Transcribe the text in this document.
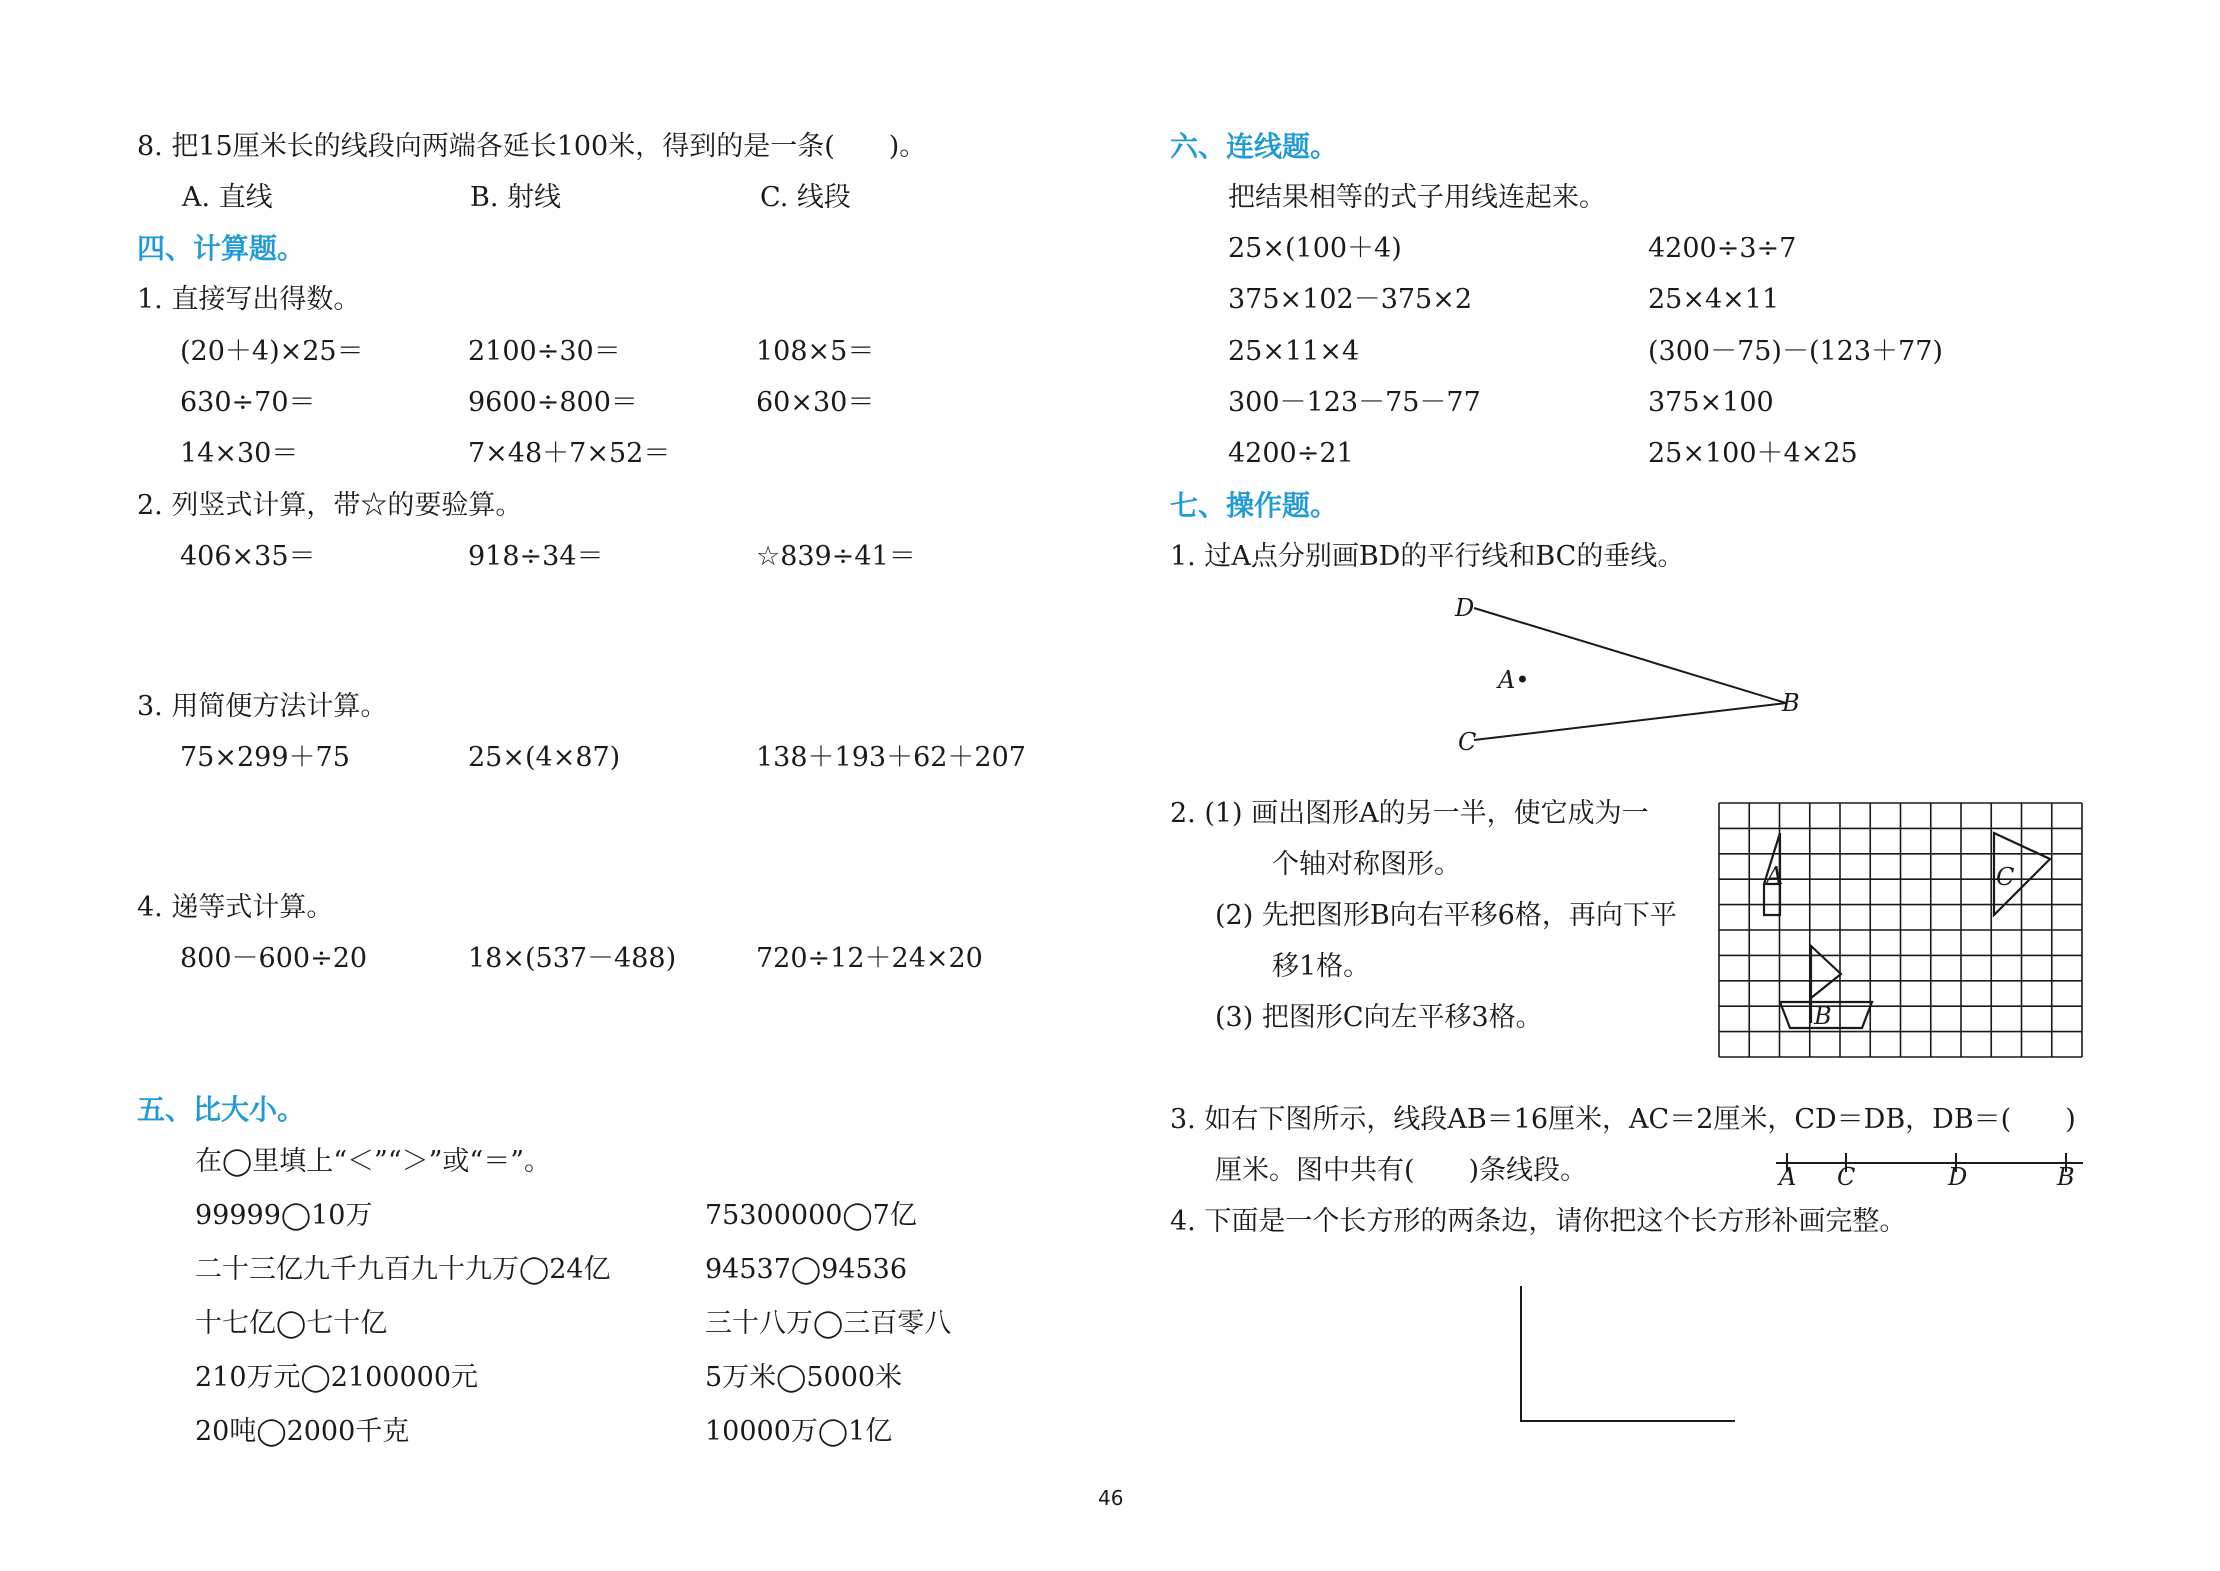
8. 把15厘米长的线段向两端各延长100米，得到的是一条(　　)。
A. 直线	B. 射线	C. 线段
四、计算题。
1. 直接写出得数。
(20＋4)×25＝	2100÷30＝	108×5＝
630÷70＝	9600÷800＝	60×30＝
14×30＝	7×48＋7×52＝
2. 列竖式计算，带☆的要验算。
406×35＝	918÷34＝	☆839÷41＝
3. 用简便方法计算。
75×299＋75	25×(4×87)	138＋193＋62＋207
4. 递等式计算。
800－600÷20	18×(537－488)	720÷12＋24×20
五、比大小。
在◯里填上“＜”“＞”或“＝”。
99999◯10万	75300000◯7亿
二十三亿九千九百九十九万◯24亿	94537◯94536
十七亿◯七十亿	三十八万◯三百零八
210万元◯2100000元	5万米◯5000米
20吨◯2000千克	10000万◯1亿
六、连线题。
把结果相等的式子用线连起来。
25×(100＋4)	4200÷3÷7
375×102－375×2	25×4×11
25×11×4	(300－75)－(123＋77)
300－123－75－77	375×100
4200÷21	25×100＋4×25
七、操作题。
1. 过A点分别画BD的平行线和BC的垂线。
2. (1) 画出图形A的另一半，使它成为一
个轴对称图形。
(2) 先把图形B向右平移6格，再向下平
移1格。
(3) 把图形C向左平移3格。
3. 如右下图所示，线段AB＝16厘米，AC＝2厘米，CD＝DB，DB＝(　　)
厘米。图中共有(　　)条线段。
4. 下面是一个长方形的两条边，请你把这个长方形补画完整。
46
D
A•
B
C
A
B
C
A C	D	B
